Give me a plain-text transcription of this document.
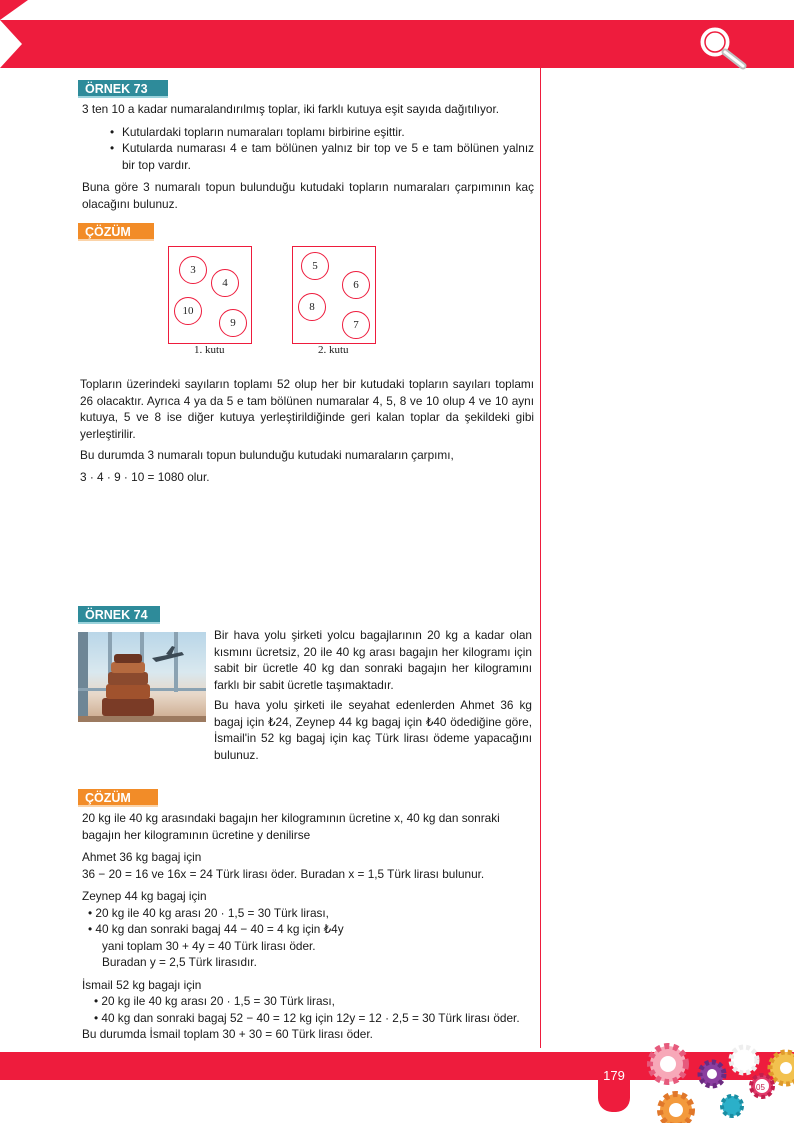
ÖRNEK 73

3 ten 10 a kadar numaralandırılmış toplar, iki farklı kutuya eşit sayıda dağıtılıyor.

• Kutulardaki topların numaraları toplamı birbirine eşittir.
• Kutularda numarası 4 e tam bölünen yalnız bir top ve 5 e tam bölünen yalnız bir top vardır.

Buna göre 3 numaralı topun bulunduğu kutudaki topların numaraları çarpımının kaç olacağını bulunuz.

ÇÖZÜM
3
4
10
9
1. kutu
5
6
8
7
2. kutu

Topların üzerindeki sayıların toplamı 52 olup her bir kutudaki topların sayıları toplamı 26 olacaktır. Ayrıca 4 ya da 5 e tam bölünen numaralar 4, 5, 8 ve 10 olup 4 ve 10 aynı kutuya, 5 ve 8 ise diğer kutuya yerleştirildiğinde geri kalan toplar da şekildeki gibi yerleştirilir.

Bu durumda 3 numaralı topun bulunduğu kutudaki numaraların çarpımı,

3 · 4 · 9 · 10 = 1080 olur.

ÖRNEK 74

Bir hava yolu şirketi yolcu bagajlarının 20 kg a kadar olan kısmını ücretsiz, 20 ile 40 kg arası bagajın her kilogramı için sabit bir ücretle 40 kg dan sonraki bagajın her kilogramını farklı bir sabit ücretle taşımaktadır.

Bu hava yolu şirketi ile seyahat edenlerden Ahmet 36 kg bagaj için ₺24, Zeynep 44 kg bagaj için ₺40 ödediğine göre, İsmail'in 52 kg bagaj için kaç Türk lirası ödeme yapacağını bulunuz.

ÇÖZÜM

20 kg ile 40 kg arasındaki bagajın her kilogramının ücretine x, 40 kg dan sonraki bagajın her kilogramının ücretine y denilirse

Ahmet 36 kg bagaj için

36 − 20 = 16 ve 16x = 24 Türk lirası öder. Buradan x = 1,5 Türk lirası bulunur.

Zeynep 44 kg bagaj için

• 20 kg ile 40 kg arası 20 · 1,5 = 30 Türk lirası,

• 40 kg dan sonraki bagaj 44 − 40 = 4 kg için ₺4y

yani toplam 30 + 4y = 40 Türk lirası öder.

Buradan y = 2,5 Türk lirasıdır.

İsmail 52 kg bagajı için

• 20 kg ile 40 kg arası 20 · 1,5 = 30 Türk lirası,

• 40 kg dan sonraki bagaj 52 − 40 = 12 kg için 12y = 12 · 2,5 = 30 Türk lirası öder.

Bu durumda İsmail toplam 30 + 30 = 60 Türk lirası öder.

179
05
